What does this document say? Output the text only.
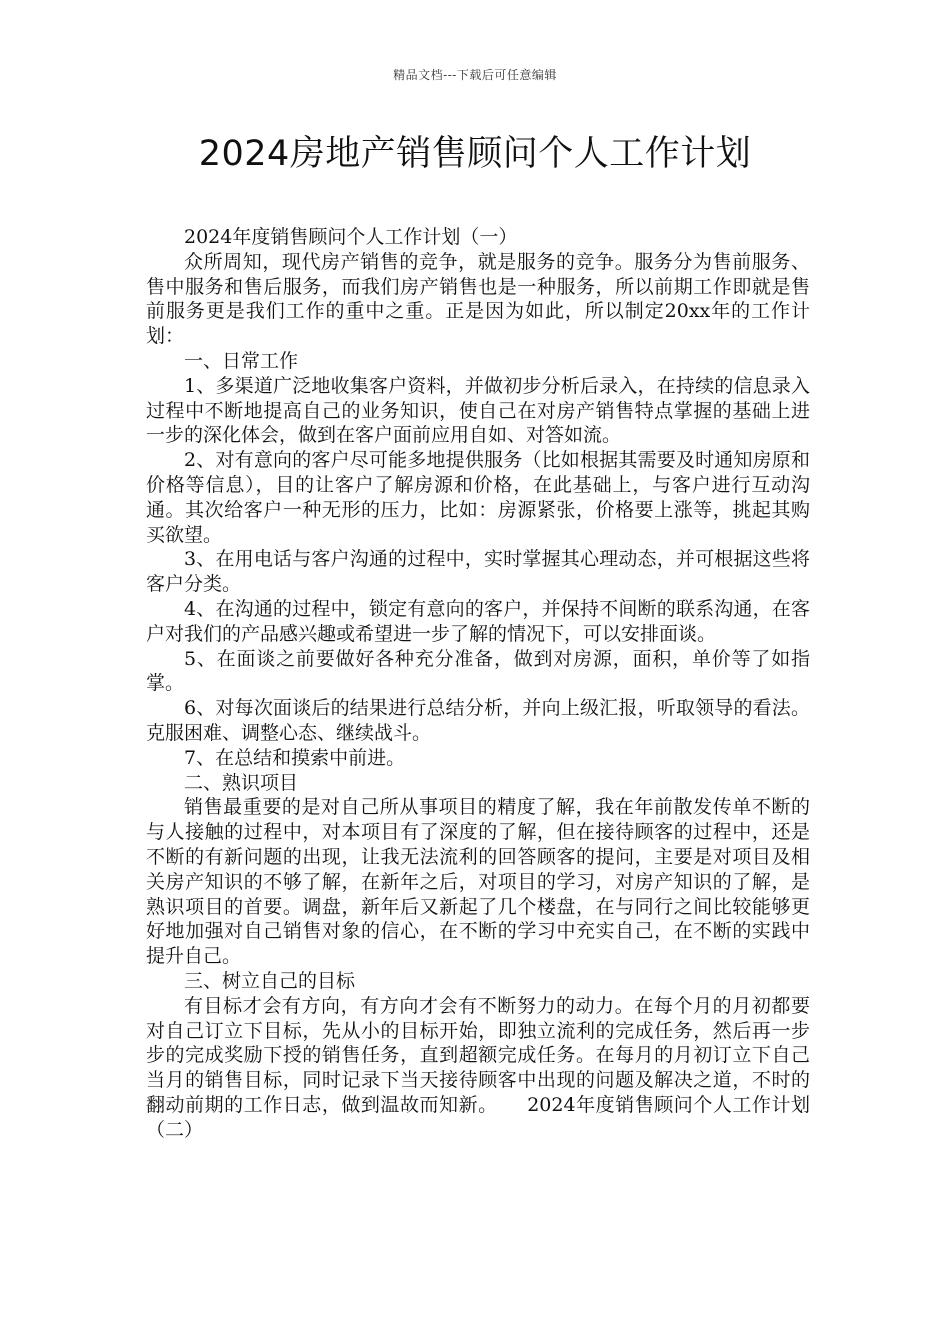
精品文档---下载后可任意编辑
2024房地产销售顾问个人工作计划

2024年度销售顾问个人工作计划（一）

众所周知，现代房产销售的竞争，就是服务的竞争。服务分为售前服务、售中服务和售后服务，而我们房产销售也是一种服务，所以前期工作即就是售前服务更是我们工作的重中之重。正是因为如此，所以制定20xx年的工作计划：

一、日常工作

1、多渠道广泛地收集客户资料，并做初步分析后录入，在持续的信息录入过程中不断地提高自己的业务知识，使自己在对房产销售特点掌握的基础上进一步的深化体会，做到在客户面前应用自如、对答如流。

2、对有意向的客户尽可能多地提供服务（比如根据其需要及时通知房原和价格等信息），目的让客户了解房源和价格，在此基础上，与客户进行互动沟通。其次给客户一种无形的压力，比如：房源紧张，价格要上涨等，挑起其购买欲望。

3、在用电话与客户沟通的过程中，实时掌握其心理动态，并可根据这些将客户分类。

4、在沟通的过程中，锁定有意向的客户，并保持不间断的联系沟通，在客户对我们的产品感兴趣或希望进一步了解的情况下，可以安排面谈。

5、在面谈之前要做好各种充分准备，做到对房源，面积，单价等了如指掌。

6、对每次面谈后的结果进行总结分析，并向上级汇报，听取领导的看法。克服困难、调整心态、继续战斗。

7、在总结和摸索中前进。

二、熟识项目

销售最重要的是对自己所从事项目的精度了解，我在年前散发传单不断的与人接触的过程中，对本项目有了深度的了解，但在接待顾客的过程中，还是不断的有新问题的出现，让我无法流利的回答顾客的提问，主要是对项目及相关房产知识的不够了解，在新年之后，对项目的学习，对房产知识的了解，是熟识项目的首要。调盘，新年后又新起了几个楼盘，在与同行之间比较能够更好地加强对自己销售对象的信心，在不断的学习中充实自己，在不断的实践中提升自己。

三、树立自己的目标

有目标才会有方向，有方向才会有不断努力的动力。在每个月的月初都要对自己订立下目标，先从小的目标开始，即独立流利的完成任务，然后再一步步的完成奖励下授的销售任务，直到超额完成任务。在每月的月初订立下自己当月的销售目标，同时记录下当天接待顾客中出现的问题及解决之道，不时的翻动前期的工作日志，做到温故而知新。　　2024年度销售顾问个人工作计划（二）
